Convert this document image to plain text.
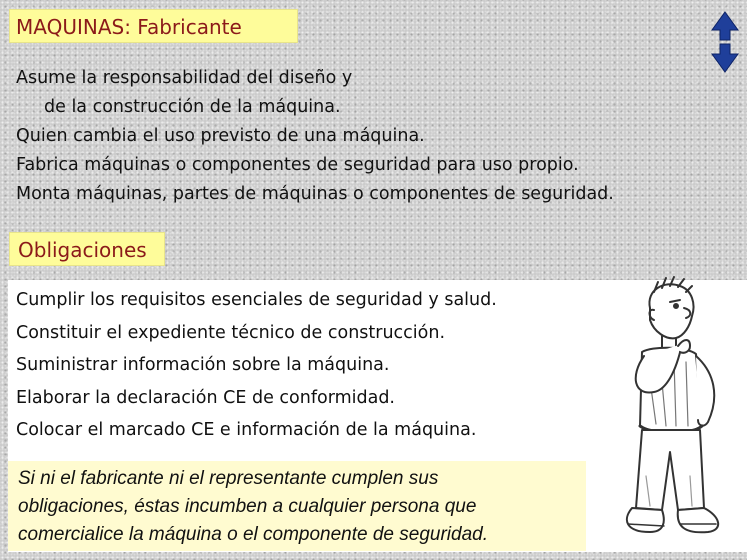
MAQUINAS: Fabricante
Asume la responsabilidad del diseño y
de la construcción de la máquina.
Quien cambia el uso previsto de una máquina.
Fabrica máquinas o componentes de seguridad para uso propio.
Monta máquinas, partes de máquinas o componentes de seguridad.
Obligaciones
Cumplir los requisitos esenciales de seguridad y salud.
Constituir el expediente técnico de construcción.
Suministrar información sobre la máquina.
Elaborar la declaración CE de conformidad.
Colocar el marcado CE e información de la máquina.
Si ni el fabricante ni el representante cumplen sus
obligaciones, éstas incumben a cualquier persona que
comercialice la máquina o el componente de seguridad.
